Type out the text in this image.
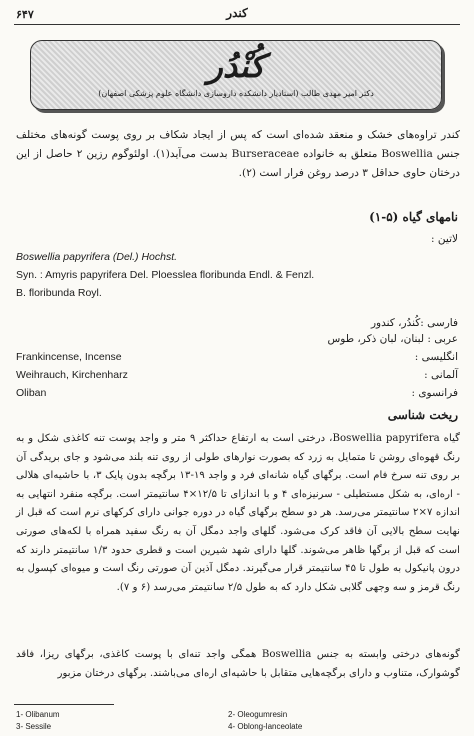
۶۴۷	کندر
کُنْدُر
دکتر امیر مهدی طالب (استادیار دانشکده داروسازی دانشگاه علوم پزشکی اصفهان)
کندر تراوه‌های خشک و منعقد شده‌ای است که پس از ایجاد شکاف بر روی پوست گونه‌های مختلف جنس Boswellia متعلق به خانواده Burseraceae بدست می‌آید(۱). اولئوگوم رزین ۲ حاصل از این درختان حاوی حداقل ۳ درصد روغن فرار است (۲).
نامهای گیاه (۵-۱)
لاتین :
Boswellia papyrifera (Del.) Hochst.
Syn. : Amyris papyrifera Del. Ploesslea floribunda Endl. & Fenzl.
B. floribunda Royl.
فارسی :کُندُر، کندور
عربی : لبنان، لبان ذکر، طوس
انگلیسی :
Frankincense, Incense
آلمانی :
Weihrauch, Kirchenharz
فرانسوی :
Oliban
ریخت شناسی
گیاه Boswellia papyrifera، درختی است به ارتفاع حداکثر ۹ متر و واجد پوست تنه کاغذی شکل و به رنگ قهوه‌ای روشن تا متمایل به زرد که بصورت نوارهای طولی از روی تنه بلند می‌شود و جای بریدگی آن بر روی تنه سرخ فام است. برگهای گیاه شانه‌ای فرد و واجد ۱۹-۱۳ برگچه بدون پایک ۳، با حاشیه‌ای هلالی - اره‌ای، به شکل مستطیلی - سرنیزه‌ای ۴ و با اندازای تا ۱۲/۵×۴ سانتیمتر است. برگچه منفرد انتهایی به اندازه ۷×۲ سانتیمتر می‌رسد. هر دو سطح برگهای گیاه در دوره جوانی دارای کرکهای نرم است که قبل از نهایت سطح بالایی آن فاقد کرک می‌شود. گلهای واجد دمگل آن به رنگ سفید همراه با لکه‌های صورتی است که قبل از برگها ظاهر می‌شوند. گلها دارای شهد شیرین است و قطری حدود ۱/۳ سانتیمتر دارند که درون پانیکول به طول تا ۴۵ سانتیمتر قرار می‌گیرند. دمگل آذین آن صورتی رنگ است و میوه‌ای کپسول به رنگ قرمز و سه وجهی گلابی شکل دارد که به طول ۲/۵ سانتیمتر می‌رسد (۶ و ۷).
گونه‌های درختی وابسته به جنس Boswellia همگی واجد تنه‌ای با پوست کاغذی، برگهای ریزا، فاقد گوشوارک، متناوب و دارای برگچه‌هایی متقابل با حاشیه‌ای اره‌ای می‌باشند. برگهای درختان مزبور
1- Olibanum	2- Oleogumresin
3- Sessile	4- Oblong-lanceolate
